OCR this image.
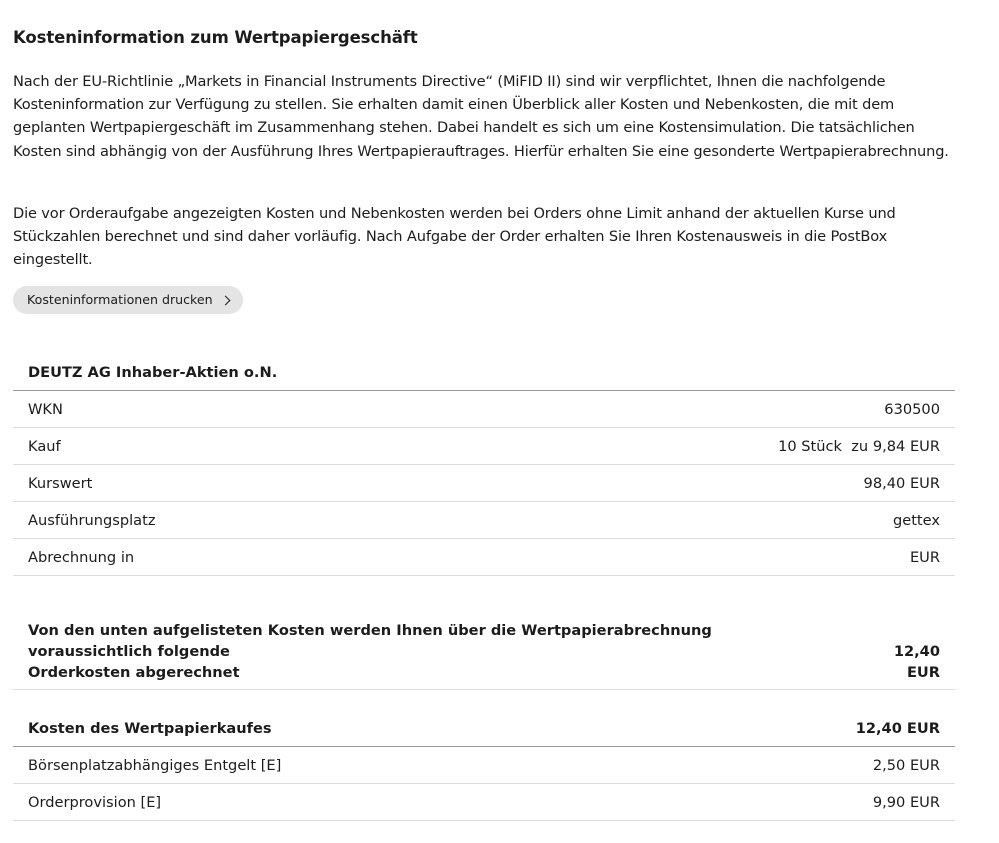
Kosteninformation zum Wertpapiergeschäft

Nach der EU-Richtlinie „Markets in Financial Instruments Directive“ (MiFID II) sind wir verpflichtet, Ihnen die nachfolgende Kosteninformation zur Verfügung zu stellen. Sie erhalten damit einen Überblick aller Kosten und Nebenkosten, die mit dem geplanten Wertpapiergeschäft im Zusammenhang stehen. Dabei handelt es sich um eine Kostensimulation. Die tatsächlichen Kosten sind abhängig von der Ausführung Ihres Wertpapierauftrages. Hierfür erhalten Sie eine gesonderte Wertpapierabrechnung.

Die vor Orderaufgabe angezeigten Kosten und Nebenkosten werden bei Orders ohne Limit anhand der aktuellen Kurse und Stückzahlen berechnet und sind daher vorläufig. Nach Aufgabe der Order erhalten Sie Ihren Kostenausweis in die PostBox eingestellt.

Kosteninformationen drucken
DEUTZ AG Inhaber-Aktien o.N.	
WKN	630500
Kauf	10 Stück  zu 9,84 EUR
Kurswert	98,40 EUR
Ausführungsplatz	gettex
Abrechnung in	EUR
Von den unten aufgelisteten Kosten werden Ihnen über die Wertpapierabrechnung voraussichtlich folgende
Orderkosten abgerechnet	12,40 EUR
Kosten des Wertpapierkaufes	12,40 EUR
Börsenplatzabhängiges Entgelt [E]	2,50 EUR
Orderprovision [E]	9,90 EUR
